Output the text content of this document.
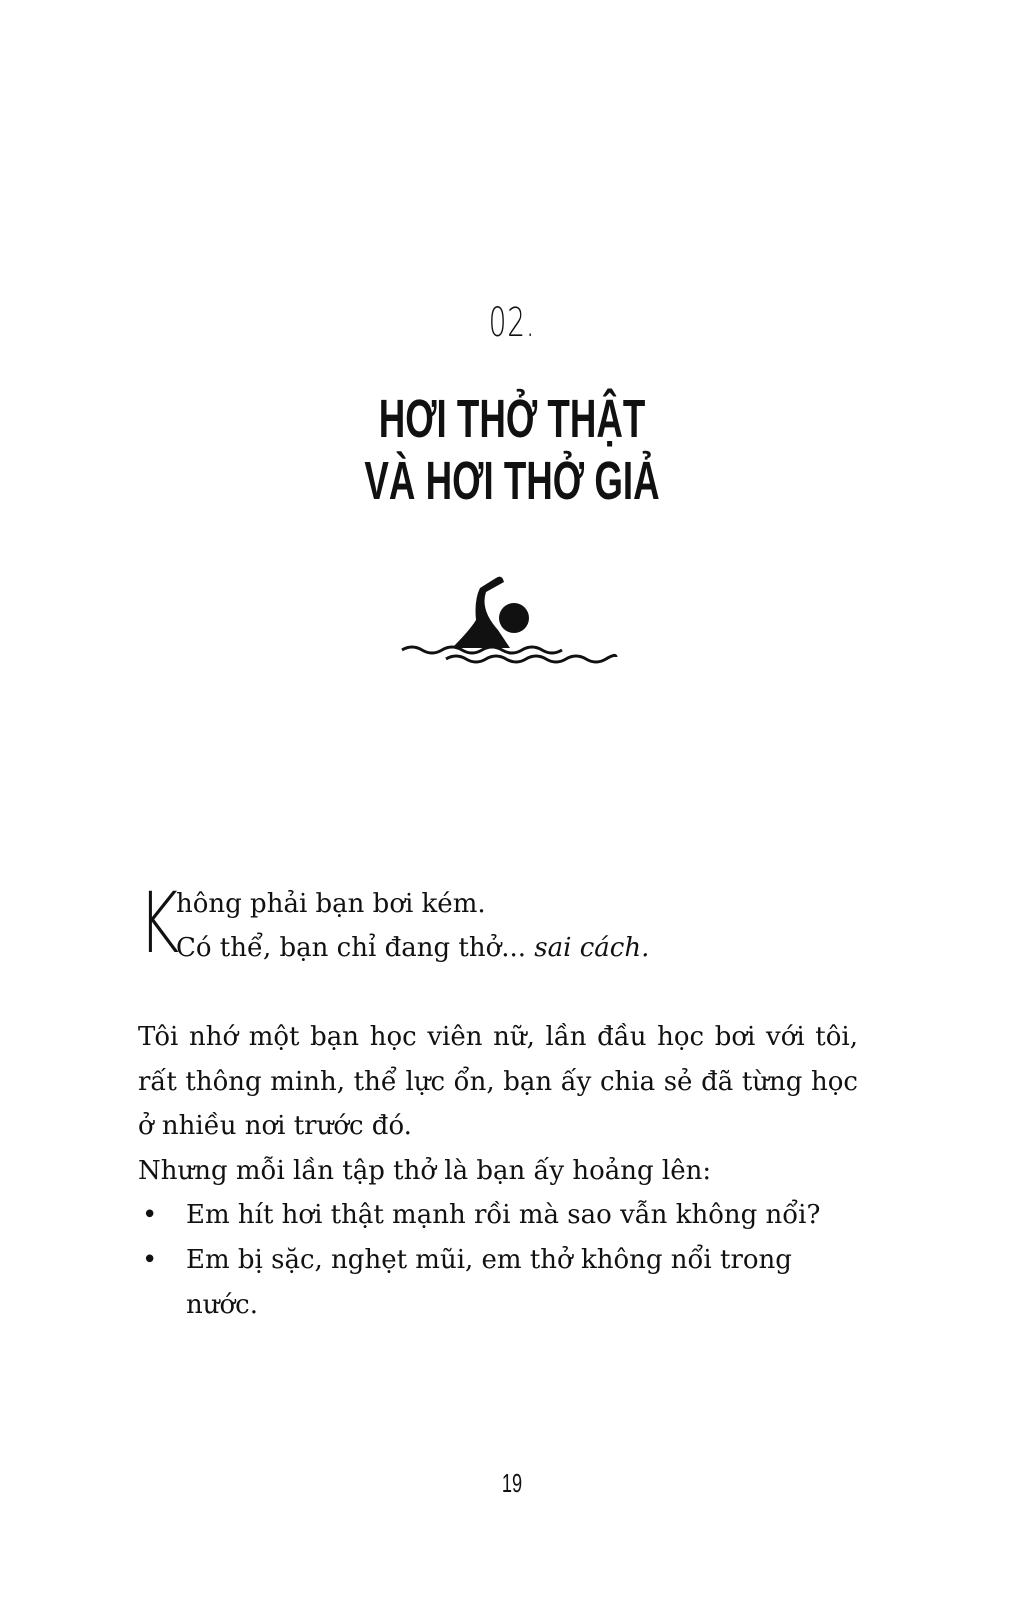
02.
HƠI THỞ THẬT
VÀ HƠI THỞ GIẢ
K
hông phải bạn bơi kém.
Có thể, bạn chỉ đang thở... sai cách.

Tôi nhớ một bạn học viên nữ, lần đầu học bơi với tôi, rất thông minh, thể lực ổn, bạn ấy chia sẻ đã từng học ở nhiều nơi trước đó.

Nhưng mỗi lần tập thở là bạn ấy hoảng lên:

• Em hít hơi thật mạnh rồi mà sao vẫn không nổi?
• Em bị sặc, nghẹt mũi, em thở không nổi trong nước.
19
